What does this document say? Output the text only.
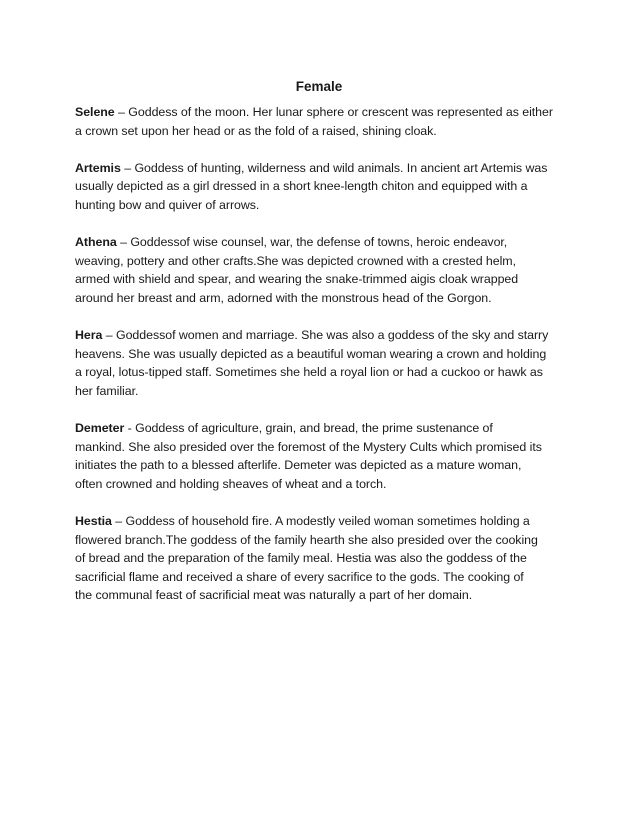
Female
Selene – Goddess of the moon. Her lunar sphere or crescent was represented as either
a crown set upon her head or as the fold of a raised, shining cloak.
Artemis – Goddess of hunting, wilderness and wild animals. In ancient art Artemis was
usually depicted as a girl dressed in a short knee-length chiton and equipped with a
hunting bow and quiver of arrows.
Athena – Goddessof wise counsel, war, the defense of towns, heroic endeavor,
weaving, pottery and other crafts.She was depicted crowned with a crested helm,
armed with shield and spear, and wearing the snake-trimmed aigis cloak wrapped
around her breast and arm, adorned with the monstrous head of the Gorgon.
Hera – Goddessof women and marriage. She was also a goddess of the sky and starry
heavens. She was usually depicted as a beautiful woman wearing a crown and holding
a royal, lotus-tipped staff. Sometimes she held a royal lion or had a cuckoo or hawk as
her familiar.
Demeter - Goddess of agriculture, grain, and bread, the prime sustenance of
mankind. She also presided over the foremost of the Mystery Cults which promised its
initiates the path to a blessed afterlife. Demeter was depicted as a mature woman,
often crowned and holding sheaves of wheat and a torch.
Hestia – Goddess of household fire. A modestly veiled woman sometimes holding a
flowered branch.The goddess of the family hearth she also presided over the cooking
of bread and the preparation of the family meal. Hestia was also the goddess of the
sacrificial flame and received a share of every sacrifice to the gods. The cooking of
the communal feast of sacrificial meat was naturally a part of her domain.
